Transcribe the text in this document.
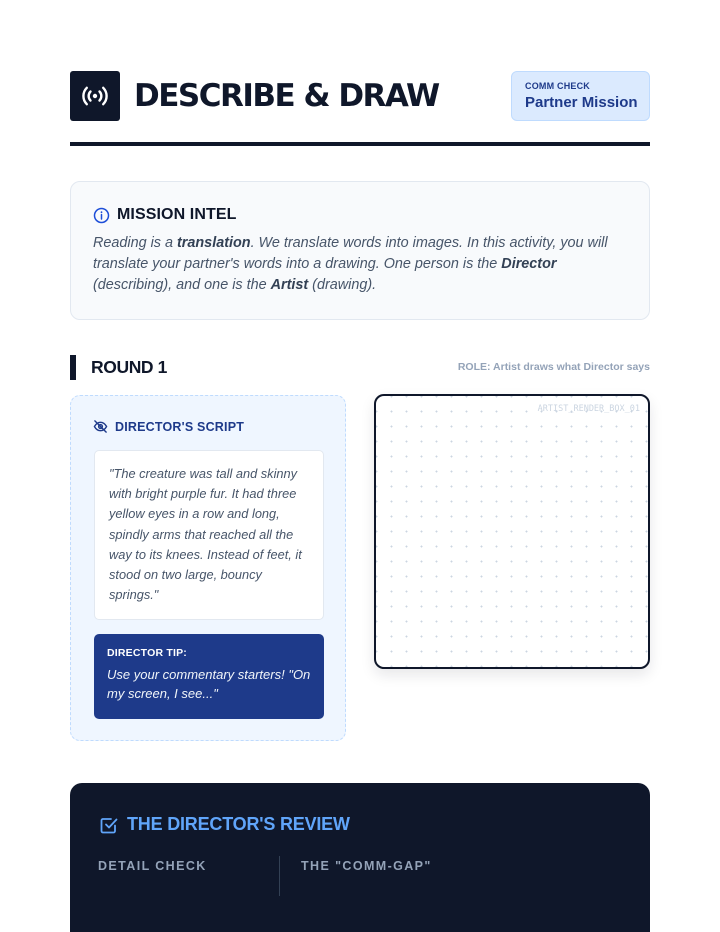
DESCRIBE & DRAW	COMM CHECK
Partner Mission
MISSION INTEL

Reading is a translation. We translate words into images. In this activity, you will translate your partner's words into a drawing. One person is the Director (describing), and one is the Artist (drawing).

ROUND 1	ROLE: Artist draws what Director says
DIRECTOR'S SCRIPT
"The creature was tall and skinny with bright purple fur. It had three yellow eyes in a row and long, spindly arms that reached all the way to its knees. Instead of feet, it stood on two large, bouncy springs."
DIRECTOR TIP:
Use your commentary starters! "On my screen, I see..."
ARTIST_RENDER_BOX_01
THE DIRECTOR'S REVIEW
DETAIL CHECK	THE "COMM-GAP"
